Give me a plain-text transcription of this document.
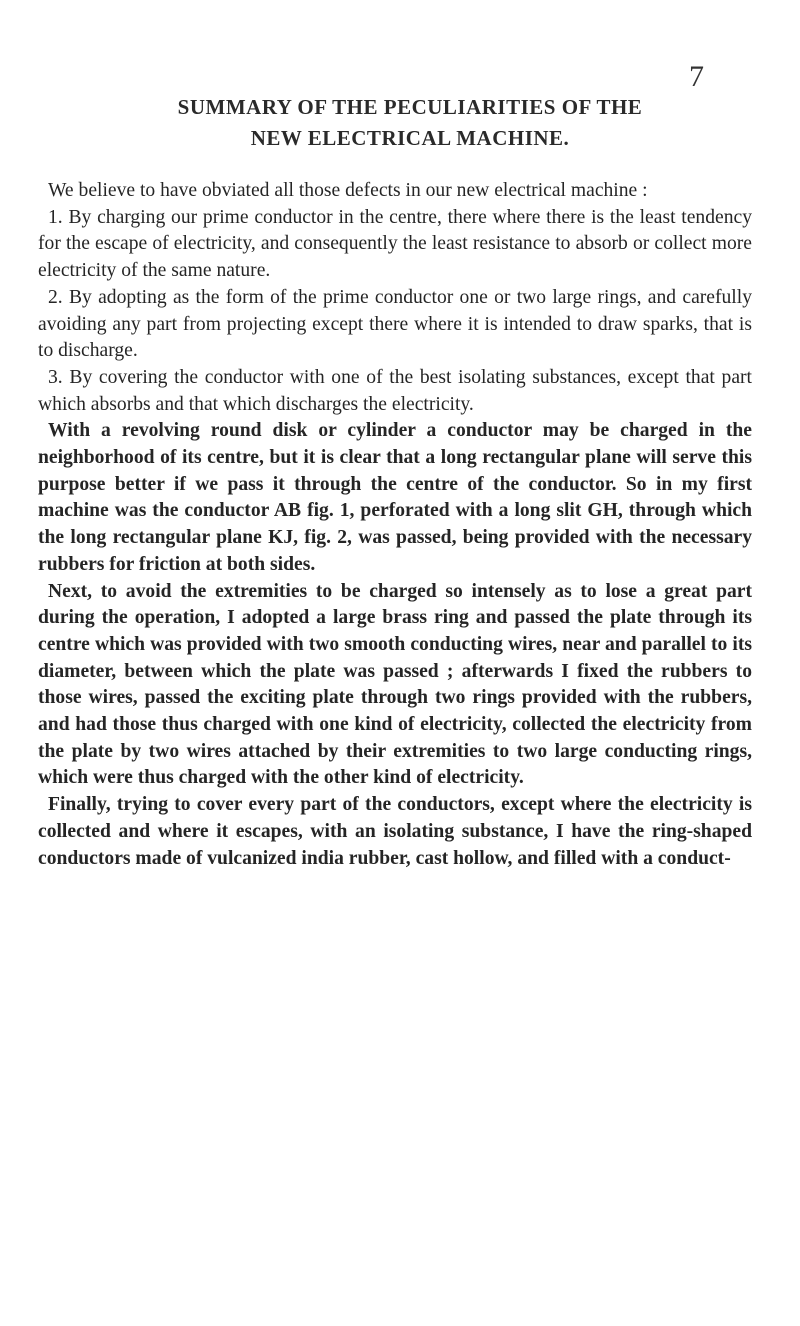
7
SUMMARY OF THE PECULIARITIES OF THE
NEW ELECTRICAL MACHINE.

We believe to have obviated all those defects in our new electrical machine :

1. By charging our prime conductor in the centre, there where there is the least tendency for the escape of electricity, and consequently the least resistance to absorb or collect more electricity of the same nature.

2. By adopting as the form of the prime conductor one or two large rings, and carefully avoiding any part from projecting except there where it is intended to draw sparks, that is to discharge.

3. By covering the conductor with one of the best isolating substances, except that part which absorbs and that which discharges the electricity.

With a revolving round disk or cylinder a conductor may be charged in the neighborhood of its centre, but it is clear that a long rectangular plane will serve this purpose better if we pass it through the centre of the conductor. So in my first machine was the conductor AB fig. 1, perforated with a long slit GH, through which the long rectangular plane KJ, fig. 2, was passed, being provided with the necessary rubbers for friction at both sides.

Next, to avoid the extremities to be charged so intensely as to lose a great part during the operation, I adopted a large brass ring and passed the plate through its centre which was provided with two smooth conducting wires, near and parallel to its diameter, between which the plate was passed ; afterwards I fixed the rubbers to those wires, passed the exciting plate through two rings provided with the rubbers, and had those thus charged with one kind of electricity, collected the electricity from the plate by two wires attached by their extremities to two large conducting rings, which were thus charged with the other kind of electricity.

Finally, trying to cover every part of the conductors, except where the electricity is collected and where it escapes, with an isolating substance, I have the ring-shaped conductors made of vulcanized india rubber, cast hollow, and filled with a conduct-
